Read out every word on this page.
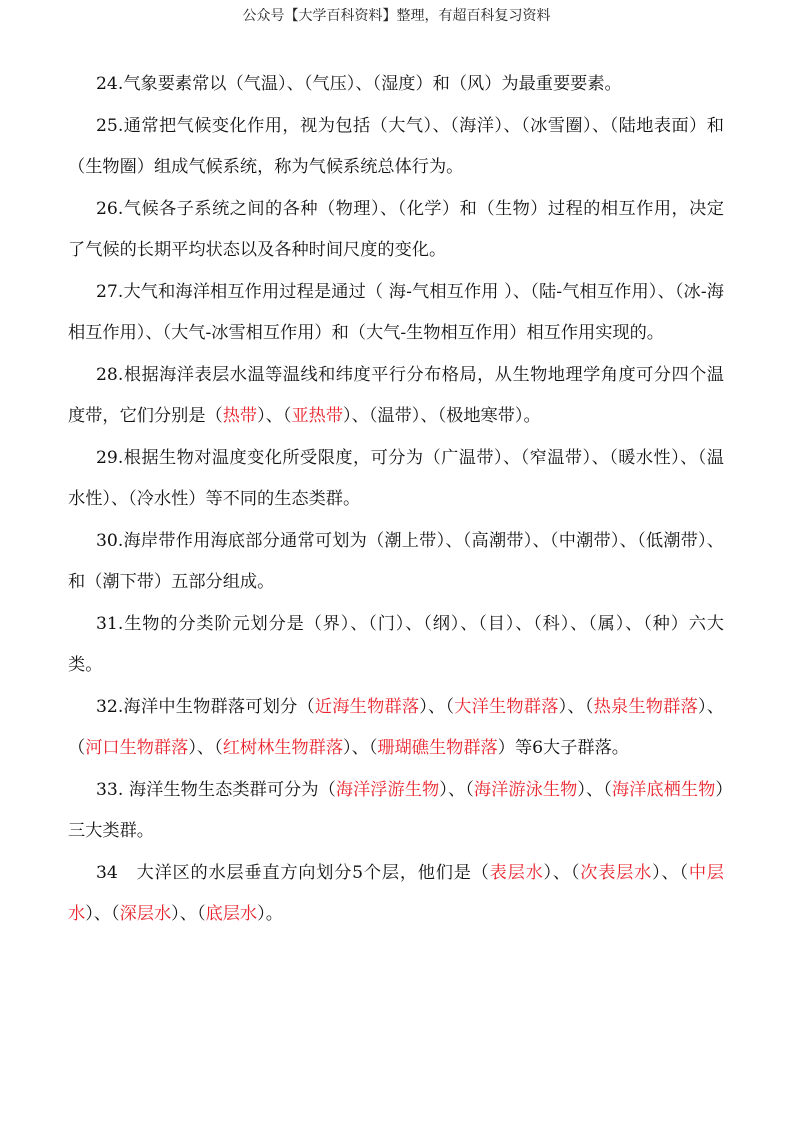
公众号【大学百科资料】整理，有超百科复习资料

24.气象要素常以（气温）、（气压）、（湿度）和（风）为最重要要素。

25.通常把气候变化作用，视为包括（大气）、（海洋）、（冰雪圈）、（陆地表面）和（生物圈）组成气候系统，称为气候系统总体行为。

26.气候各子系统之间的各种（物理）、（化学）和（生物）过程的相互作用，决定了气候的长期平均状态以及各种时间尺度的变化。

27.大气和海洋相互作用过程是通过（ 海-气相互作用 ）、（陆-气相互作用）、（冰-海相互作用）、（大气-冰雪相互作用）和（大气-生物相互作用）相互作用实现的。

28.根据海洋表层水温等温线和纬度平行分布格局，从生物地理学角度可分四个温度带，它们分别是（热带）、（亚热带）、（温带）、（极地寒带）。

29.根据生物对温度变化所受限度，可分为（广温带）、（窄温带）、（暖水性）、（温水性）、（冷水性）等不同的生态类群。

30.海岸带作用海底部分通常可划为（潮上带）、（高潮带）、（中潮带）、（低潮带）、和（潮下带）五部分组成。

31.生物的分类阶元划分是（界）、（门）、（纲）、（目）、（科）、（属）、（种）六大类。

32.海洋中生物群落可划分（近海生物群落）、（大洋生物群落）、（热泉生物群落）、（河口生物群落）、（红树林生物群落）、（珊瑚礁生物群落）等6大子群落。

33. 海洋生物生态类群可分为（海洋浮游生物）、（海洋游泳生物）、（海洋底栖生物）三大类群。

34　大洋区的水层垂直方向划分5个层，他们是（表层水）、（次表层水）、（中层水）、（深层水）、（底层水）。
